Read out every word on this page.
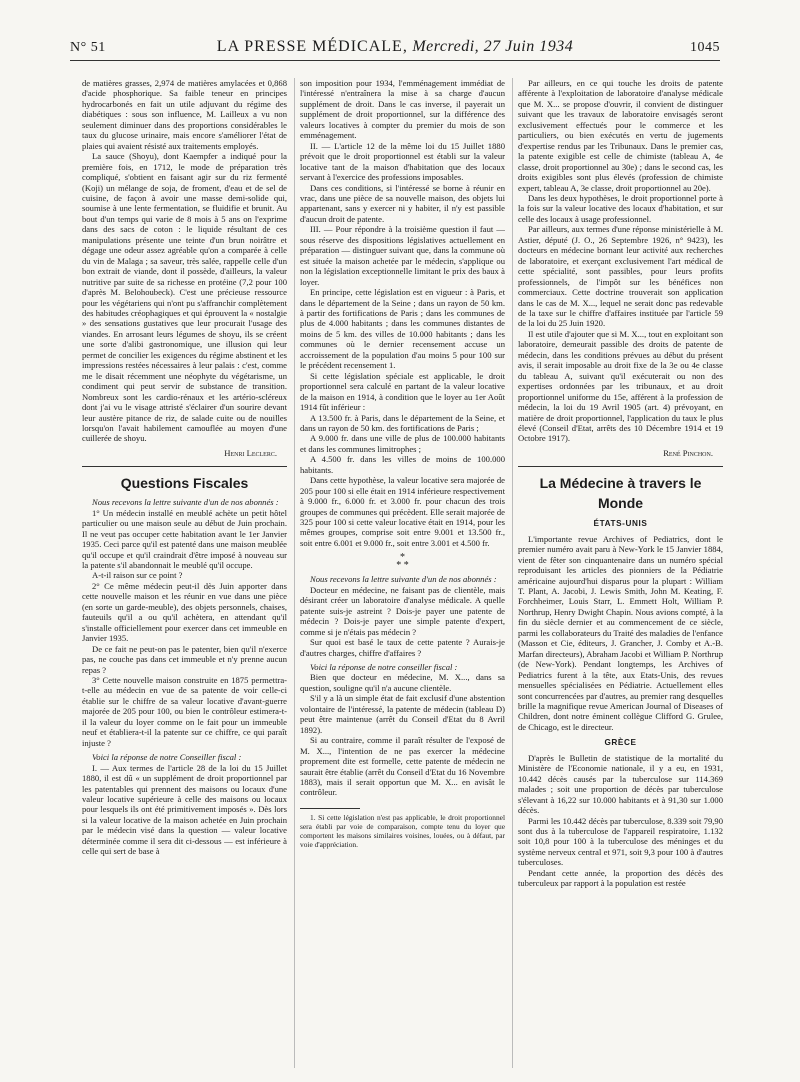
N° 51	LA PRESSE MÉDICALE, Mercredi, 27 Juin 1934	1045

de matières grasses, 2,974 de matières amylacées et 0,868 d'acide phosphorique. Sa faible teneur en principes hydrocarbonés en fait un utile adjuvant du régime des diabétiques : sous son influence, M. Lailleux a vu non seulement diminuer dans des proportions considérables le taux du glucose urinaire, mais encore s'améliorer l'état de plaies qui avaient résisté aux traitements employés.

La sauce (Shoyu), dont Kaempfer a indiqué pour la première fois, en 1712, le mode de préparation très compliqué, s'obtient en faisant agir sur du riz fermenté (Koji) un mélange de soja, de froment, d'eau et de sel de cuisine, de façon à avoir une masse demi-solide qui, soumise à une lente fermentation, se fluidifie et brunit. Au bout d'un temps qui varie de 8 mois à 5 ans on l'exprime dans des sacs de coton : le liquide résultant de ces manipulations présente une teinte d'un brun noirâtre et dégage une odeur assez agréable qu'on a comparée à celle du vin de Malaga ; sa saveur, très salée, rappelle celle d'un bon extrait de viande, dont il possède, d'ailleurs, la valeur nutritive par suite de sa richesse en protéine (7,2 pour 100 d'après M. Belohoubeck). C'est une précieuse ressource pour les végétariens qui n'ont pu s'affranchir complètement des habitudes créophagiques et qui éprouvent la « nostalgie » des sensations gustatives que leur procurait l'usage des viandes. En arrosant leurs légumes de shoyu, ils se créent une sorte d'alibi gastronomique, une illusion qui leur permet de concilier les exigences du régime abstinent et les impressions restées nécessaires à leur palais : c'est, comme me le disait récemment une néophyte du végétarisme, un condiment qui peut servir de substance de transition. Nombreux sont les cardio-rénaux et les artério-scléreux dont j'ai vu le visage attristé s'éclairer d'un sourire devant leur austère pitance de riz, de salade cuite ou de nouilles lorsqu'on l'avait habilement camouflée au moyen d'une cuillerée de shoyu.

Henri Leclerc.
Questions Fiscales

Nous recevons la lettre suivante d'un de nos abonnés :

1° Un médecin installé en meublé achète un petit hôtel particulier ou une maison seule au début de Juin prochain. Il ne veut pas occuper cette habitation avant le 1er Janvier 1935. Ceci parce qu'il est patenté dans une maison meublée qu'il occupe et qu'il craindrait d'être imposé à nouveau sur la patente s'il abandonnait le meublé qu'il occupe.

A-t-il raison sur ce point ?

2° Ce même médecin peut-il dès Juin apporter dans cette nouvelle maison et les réunir en vue dans une pièce (en sorte un garde-meuble), des objets personnels, chaises, fauteuils qu'il a ou qu'il achètera, en attendant qu'il s'installe officiellement pour exercer dans cet immeuble en Janvier 1935.

De ce fait ne peut-on pas le patenter, bien qu'il n'exerce pas, ne couche pas dans cet immeuble et n'y prenne aucun repas ?

3° Cette nouvelle maison construite en 1875 permettra-t-elle au médecin en vue de sa patente de voir celle-ci établie sur le chiffre de sa valeur locative d'avant-guerre majorée de 205 pour 100, ou bien le contrôleur estimera-t-il la valeur du loyer comme on le fait pour un immeuble neuf et établiera-t-il la patente sur ce chiffre, ce qui paraît injuste ?

Voici la réponse de notre Conseiller fiscal :

I. — Aux termes de l'article 28 de la loi du 15 Juillet 1880, il est dû « un supplément de droit proportionnel par les patentables qui prennent des maisons ou locaux d'une valeur locative supérieure à celle des maisons ou locaux pour lesquels ils ont été primitivement imposés ». Dès lors si la valeur locative de la maison achetée en Juin prochain par le médecin visé dans la question — valeur locative déterminée comme il sera dit ci-dessous — est inférieure à celle qui sert de base à

son imposition pour 1934, l'emménagement immédiat de l'intéressé n'entraînera la mise à sa charge d'aucun supplément de droit. Dans le cas inverse, il payerait un supplément de droit proportionnel, sur la différence des valeurs locatives à compter du premier du mois de son emménagement.

II. — L'article 12 de la même loi du 15 Juillet 1880 prévoit que le droit proportionnel est établi sur la valeur locative tant de la maison d'habitation que des locaux servant à l'exercice des professions imposables.

Dans ces conditions, si l'intéressé se borne à réunir en vrac, dans une pièce de sa nouvelle maison, des objets lui appartenant, sans y exercer ni y habiter, il n'y est passible d'aucun droit de patente.

III. — Pour répondre à la troisième question il faut — sous réserve des dispositions législatives actuellement en préparation — distinguer suivant que, dans la commune où est située la maison achetée par le médecin, s'applique ou non la législation exceptionnelle limitant le prix des baux à loyer.

En principe, cette législation est en vigueur : à Paris, et dans le département de la Seine ; dans un rayon de 50 km. à partir des fortifications de Paris ; dans les communes de plus de 4.000 habitants ; dans les communes distantes de moins de 5 km. des villes de 10.000 habitants ; dans les communes où le dernier recensement accuse un accroissement de la population d'au moins 5 pour 100 sur le précédent recensement 1.

Si cette législation spéciale est applicable, le droit proportionnel sera calculé en partant de la valeur locative de la maison en 1914, à condition que le loyer au 1er Août 1914 fût inférieur :

A 13.500 fr. à Paris, dans le département de la Seine, et dans un rayon de 50 km. des fortifications de Paris ;

A 9.000 fr. dans une ville de plus de 100.000 habitants et dans les communes limitrophes ;

A 4.500 fr. dans les villes de moins de 100.000 habitants.

Dans cette hypothèse, la valeur locative sera majorée de 205 pour 100 si elle était en 1914 inférieure respectivement à 9.000 fr., 6.000 fr. et 3.000 fr. pour chacun des trois groupes de communes qui précèdent. Elle serait majorée de 325 pour 100 si cette valeur locative était en 1914, pour les mêmes groupes, comprise soit entre 9.001 et 13.500 fr., soit entre 6.001 et 9.000 fr., soit entre 3.001 et 4.500 fr.

*
* *

Nous recevons la lettre suivante d'un de nos abonnés :

Docteur en médecine, ne faisant pas de clientèle, mais désirant créer un laboratoire d'analyse médicale. A quelle patente suis-je astreint ? Dois-je payer une patente de médecin ? Dois-je payer une simple patente d'expert, comme si je n'étais pas médecin ?

Sur quoi est basé le taux de cette patente ? Aurais-je d'autres charges, chiffre d'affaires ?

Voici la réponse de notre conseiller fiscal :

Bien que docteur en médecine, M. X..., dans sa question, souligne qu'il n'a aucune clientèle.

S'il y a là un simple état de fait exclusif d'une abstention volontaire de l'intéressé, la patente de médecin (tableau D) peut être maintenue (arrêt du Conseil d'Etat du 8 Avril 1892).

Si au contraire, comme il paraît résulter de l'exposé de M. X..., l'intention de ne pas exercer la médecine proprement dite est formelle, cette patente de médecin ne saurait être établie (arrêt du Conseil d'Etat du 16 Novembre 1883), mais il serait opportun que M. X... en avisât le contrôleur.

1. Si cette législation n'est pas applicable, le droit proportionnel sera établi par voie de comparaison, compte tenu du loyer que comportent les maisons similaires voisines, louées, ou à défaut, par voie d'appréciation.

Par ailleurs, en ce qui touche les droits de patente afférente à l'exploitation de laboratoire d'analyse médicale que M. X... se propose d'ouvrir, il convient de distinguer suivant que les travaux de laboratoire envisagés seront exclusivement effectués pour le commerce et les particuliers, ou bien exécutés en vertu de jugements d'expertise rendus par les Tribunaux. Dans le premier cas, la patente exigible est celle de chimiste (tableau A, 4e classe, droit proportionnel au 30e) ; dans le second cas, les droits exigibles sont plus élevés (profession de chimiste expert, tableau A, 3e classe, droit proportionnel au 20e).

Dans les deux hypothèses, le droit proportionnel porte à la fois sur la valeur locative des locaux d'habitation, et sur celle des locaux à usage professionnel.

Par ailleurs, aux termes d'une réponse ministérielle à M. Astier, député (J. O., 26 Septembre 1926, n° 9423), les docteurs en médecine bornant leur activité aux recherches de laboratoire, et exerçant exclusivement l'art médical de cette spécialité, sont passibles, pour leurs profits professionnels, de l'impôt sur les bénéfices non commerciaux. Cette doctrine trouverait son application dans le cas de M. X..., lequel ne serait donc pas redevable de la taxe sur le chiffre d'affaires instituée par l'article 59 de la loi du 25 Juin 1920.

Il est utile d'ajouter que si M. X..., tout en exploitant son laboratoire, demeurait passible des droits de patente de médecin, dans les conditions prévues au début du présent avis, il serait imposable au droit fixe de la 3e ou 4e classe du tableau A, suivant qu'il exécuterait ou non des expertises ordonnées par les tribunaux, et au droit proportionnel uniforme du 15e, afférent à la profession de médecin, la loi du 19 Avril 1905 (art. 4) prévoyant, en matière de droit proportionnel, l'application du taux le plus élevé (Conseil d'Etat, arrêts des 10 Décembre 1914 et 19 Octobre 1917).

René Pinchon.
La Médecine à travers le Monde
ÉTATS-UNIS

L'importante revue Archives of Pediatrics, dont le premier numéro avait paru à New-York le 15 Janvier 1884, vient de fêter son cinquantenaire dans un numéro spécial reproduisant les articles des pionniers de la Pédiatrie américaine aujourd'hui disparus pour la plupart : William T. Plant, A. Jacobi, J. Lewis Smith, John M. Keating, F. Forchheimer, Louis Starr, L. Emmett Holt, William P. Northrup, Henry Dwight Chapin. Nous avions compté, à la fin du siècle dernier et au commencement de ce siècle, parmi les collaborateurs du Traité des maladies de l'enfance (Masson et Cie, éditeurs, J. Grancher, J. Comby et A.-B. Marfan directeurs), Abraham Jacobi et William P. Northrup (de New-York). Pendant longtemps, les Archives of Pediatrics furent à la tête, aux Etats-Unis, des revues mensuelles spécialisées en Pédiatrie. Actuellement elles sont concurrencées par d'autres, au premier rang desquelles brille la magnifique revue American Journal of Diseases of Children, dont notre éminent collègue Clifford G. Grulee, de Chicago, est le directeur.

GRÈCE

D'après le Bulletin de statistique de la mortalité du Ministère de l'Economie nationale, il y a eu, en 1931, 10.442 décès causés par la tuberculose sur 114.369 malades ; soit une proportion de décès par tuberculose s'élevant à 16,22 sur 10.000 habitants et à 91,30 sur 1.000 décès.

Parmi les 10.442 décès par tuberculose, 8.339 soit 79,90 sont dus à la tuberculose de l'appareil respiratoire, 1.132 soit 10,8 pour 100 à la tuberculose des méninges et du système nerveux central et 971, soit 9,3 pour 100 à d'autres tuberculoses.

Pendant cette année, la proportion des décès des tuberculeux par rapport à la population est restée
